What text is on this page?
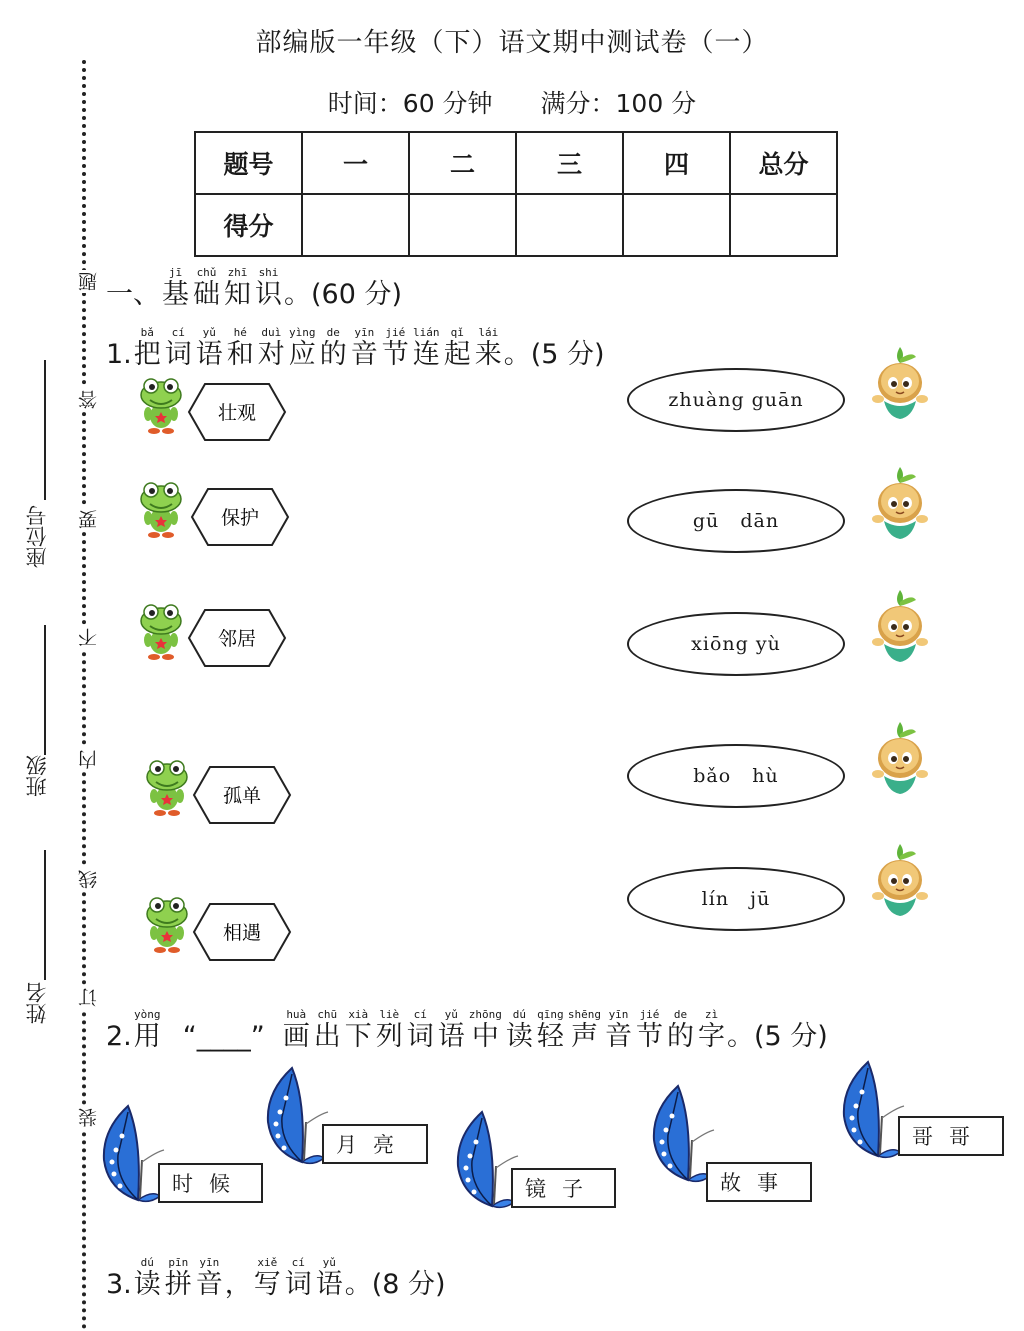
部编版一年级（下）语文期中测试卷（一）
时间：60 分钟 满分：100 分
题号	一	二	三	四	总分
得分					
题
答
要
不
内
线
订
装
座位号
班级
姓名
一、
jī
基
chǔ
础
zhī
知
shi
识 。(60 分)
1.
bǎ
把
cí
词
yǔ
语
hé
和
duì
对
yìng
应
de
的
yīn
音
jié
节
lián
连
qǐ
起
lái
来 。(5 分)
壮观
保护
邻居
孤单
相遇
zhuàng guān
gū   dān
xiōng yù
bǎo   hù
lín   jū
2.
yòng
用 “____”
huà
画
chū
出
xià
下
liè
列
cí
词
yǔ
语
zhōng
中
dú
读
qīng
轻
shēng
声
yīn
音
jié
节
de
的
zì
字 。(5 分)
时候
月亮
镜子	故事
哥哥
3.
dú
读
pīn
拼
yīn
音 ，
xiě
写
cí
词
yǔ
语 。(8 分)
